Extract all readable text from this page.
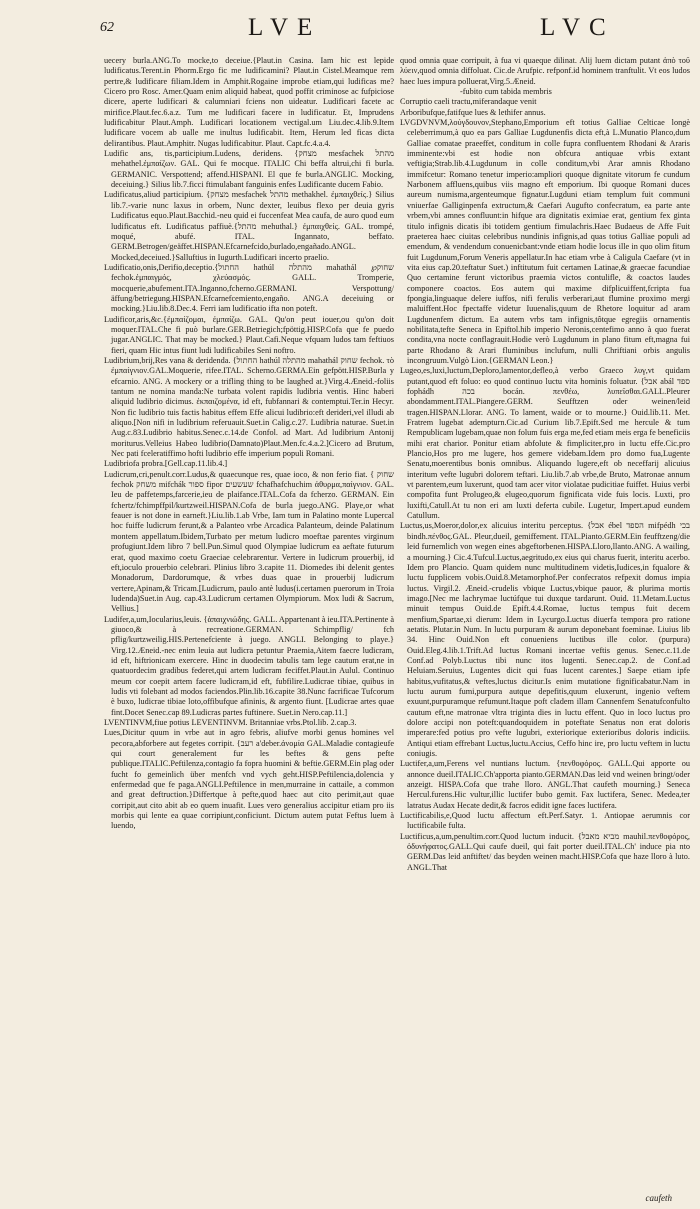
62	LVE	LVC

uecery burla.ANG.To mocke,to deceiue.{Plaut.in Casina. Iam hic est lepide ludificatus.Terent.in Phorm.Ergo fic me ludificamini? Plaut.in Cistel.Meamque rem pertre,& ludificare filiam.Idem in Amphit.Rogaine improbe etiam,qui ludificas me?Cicero pro Rosc. Amer.Quam enim aliquid habeat, quod poffit criminose ac fufpiciose dicere, aperte ludificari & calumniari fciens non uideatur. Ludificari facete ac mirifice.Plaut.fec.6.a.z. Tum me ludificari facere in ludificatur. Et, Imprudens ludificabitur Plaut.Amph. Ludificari locationem vectigal.um Liu.dec.4.lib.9.Item ludificare vocem ab ualle me inultus ludificabit. Item, Herum led ficas dicta delirantibus. Plaut.Amphitr. Nugas ludificabitur. Plaut. Capt.fc.4.a.4.

Ludific ans, tis,participium.Ludens, deridens. {מצחק mesfachek מהתל mehathel.ἐμπαίζων. GAL. Qui fe mocque. ITALIC Chi beffa altrui,chi fi burla. GERMANIC. Verspottend; affend.HISPANI. El que fe burla.ANGLIC. Mocking, deceiuing.} Silius lib.7.ficci ftimulabant fanguinis enfes Ludificante ducem Fabio.

Ludificatus,aliud participium. {מצחק mesfachek מהתל methakhel. ἐμπαιχθείς.} Silius lib.7.-varie nunc laxus in orbem, Nunc dexter, leuibus flexo per deuia gyris Ludificatus equo.Plaut.Bacchid.-neu quid ei fuccenfeat Mea caufa, de auro quod eum ludificatus eft. Ludificatus paffiuè.{מהתל mehuthal.} ἐμπαιχθείς. GAL. trompé, moqué, abufé. ITAL. Ingannato, beffato. GERM.Betrogen/geäffet.HISPAN.Efcarnefcido,burlado,engañado.ANGL. Mocked,deceiued.}Salluftius in Iugurth.Ludificari incerto praelio.

Ludificatio,onis,Derifio,deceptio.{החתול hathúl מהתלה mahathál ℘שחוק fechok.ἐμπαιγμός, χλεύασμός. GALL. Tromperie, mocquerie,abufement.ITA.Inganno,fcherno.GERMANI. Verspottung/äffung/betriegung.HISPAN.Efcarnefcemiento,engaño. ANG.A deceiuing or mocking.}Liu.lib.8.Dec.4. Ferri iam ludificatio ifta non poteft.

Ludificor,aris,&c.{ἐμπαίζομαι, ἐμπαίζω. GAL. Qu'on peut iouer,ou qu'on doit moquer.ITAL.Che fi può burlare.GER.Betriegich;fpöttig.HISP.Cofa que fe puedo jugar.ANGLIC. That may be mocked.} Plaut.Cafi.Neque vfquam ludos tam feftiuos fieri, quam Hic intus fiunt ludi ludificabiles Seni noftro.

Ludibrium,brij,Res vana & deridenda. {החתול hathúl מהתלה mahathál שחוק fechok. τὸ ἐμπαίγνιον.GAL.Moquerie, rifee.ITAL. Scherno.GERMA.Ein gefpött.HISP.Burla y efcarnio. ANG. A mockery or a trifling thing to be laughed at.}Virg.4.Æneid.-foliis tantum ne nomina manda:Ne turbata volent rapidis ludibria ventis. Hinc haberi aliquid ludibrio dicimus. ἐκπαιζομένα, id eft, fubfannari & contemptui.Ter.in Hecyr. Non fic ludibrio tuis factis habitus effem Effe alicui ludibrio:eft derideri,vel illudi ab aliquo.[Non nifi in ludibrium referuauit.Suet.in Calig.c.27. Ludibria naturae. Suet.in Aug.c.83.Ludibrio habitus.Senec.c.14.de Confol. ad Mart. Ad ludibrium Antonij moriturus.Velleius Habeo ludibrio(Damnato)Plaut.Men.fc.4.a.2.]Cicero ad Brutum, Nec pati fceleratiffimo hofti ludibrio effe imperium populi Romani.

Ludibriofa probra.[Gell.cap.11.lib.4.]

Ludicrum,cri,penult.corr.Ludus,& quaecunque res, quae ioco, & non ferio fiat. { שחוק fechok משחק mifchák ספור fipor שעשעים fchafhafchuchim ἀθυρμα,παίγνιον. GAL. Ieu de paffetemps,farcerie,ieu de plaifance.ITAL.Cofa da fcherzo. GERMAN. Ein fchertz/fchimpffpil/kurtzweil.HISPAN.Cofa de burla juego.ANG. Playe,or what feauer is not done in earneft.}Liu.lib.1.ab Vrbe, Iam tum in Palatino monte Lupercal hoc fuiffe ludicrum ferunt,& a Palanteo vrbe Arcadica Palanteum, deinde Palatinum montem appellatum.Ibidem,Turbato per metum ludicro moeftae parentes virginum profugiunt.Idem libro 7 bell.Pun.Simul quod Olympiae ludicrum ea aeftate futurum erat, quod maximo coetu Graeciae celebrarentur. Vertere in ludicrum prouerbij, id eft,ioculo prouerbio celebrari. Plinius libro 3.capite 11. Diomedes ibi delenit gentes Monadorum, Dardorumque, & vrbes duas quae in prouerbij ludicrum vertere,Apinam,& Tricam.[Ludicrum, paulo antè ludus(i.certamen puerorum in Troia ludenda)Suet.in Aug. cap.43.Ludicrum certamen Olympiorum. Mox ludi & Sacrum, Vellius.]

Ludifer,a,um,Iocularius,leuis. {ἀπαιχνιώδης. GALL. Appartenant à ieu.ITA.Pertinente à giuoco,& à recreatione.GERMAN. Schimpflig/ fch pflig/kurtzweilig.HIS.Pertenefciente à juego. ANGLI. Belonging to playe.} Virg.12.Æneid.-nec enim leuia aut ludicra petuntur Praemia,Aitem faecre ludicram, id eft, hiftrionicam exercere. Hinc in duodecim tabulis tam lege cautum erat,ne in quatuordecim gradibus federet,qui artem ludicram feciffet.Plaut.in Aulul. Continuo meum cor coepit artem facere ludicram,id eft, fubfilire.Ludicrae tibiae, quibus in ludis vti folebant ad modos faciendos.Plin.lib.16.capite 38.Nunc facrificae Tufcorum è buxo, ludicrae tibiae loto,offibufque afininis, & argento fiunt. [Ludicrae artes quae fint.Docet Senec.cap 89.Ludicras partes fuftinere. Suet.in Nero.cap.11.]

LVENTINVM,fiue potius LEVENTINVM. Britanniae vrbs.Ptol.lib. 2.cap.3.

Lues,Dicitur quum in vrbe aut in agro febris, aliufve morbi genus homines vel pecora,abforbere aut fegetes corripit. {רעב a'deber.ἀνομία GAL.Maladie contagieufe qui court generalement fur les beftes & gens pefte publique.ITALIC.Peftilenza,contagio fa fopra huomini & beftie.GERM.Ein plag oder fucht fo gemeinlich über menfch vnd vych geht.HISP.Peftilencia,dolencia y enfermedad que fe paga.ANGLI.Peftilence in men,murraine in cattaile, a common and great deftruction.}Differtque à pefte,quod haec aut cito perimit,aut quae corripit,aut cito abit ab eo quem inuafit. Lues vero generalius accipitur etiam pro iis morbis qui lente ea quae corripiunt,conficiunt. Dictum autem putat Feftus luem à luendo,

quod omnia quae corripuit, à fua vi quaeque dilinat. Alij luem dictam putant ἀπὸ τοῦ λύειν,quod omnia diffoluat. Cic.de Arufpic. refponf.id hominem tranftulit. Vt eos ludos haec lues impura polluerat,Virg.5.Æneid.

-fubito cum tabida membris

Corruptio caeli tractu,miferandaque venit

Arboribufque,fatifque lues & lethifer annus.

LVGDVNVM,λούγδουνον,Stephano,Emporium eft totius Galliae Celticae longè celeberrimum,à quo ea pars Galliae Lugdunenfis dicta eft,à L.Munatio Planco,dum Galliae comatae praeeffet, conditum in colle fupra confluentem Rhodani & Araris imminente:vbi est hodie non obfcura antiquae vrbis extant veftigia;Strab.lib.4.Lugdunum in colle conditum,vbi Arar amnis Rhodano immifcetur: Romano tenetur imperio:ampliori quoque dignitate vitorum fe cundum Narbonem affluens,quibus viis magno eft emporium. Ibi quoque Romani duces aureum numisma,argenteumque fignatur.Lugduni etiam templum fuit communi vniuerfae Galliginpenfa extructum,& Caefari Augufto confecratum, ea parte ante vrbem,vbi amnes confluunt:in hifque ara dignitatis eximiae erat, gentium fex ginta titulo infignis dicatis ibi totidem gentium fimulachris.Haec Budaeus de Affe Fuit praeterea haec ciuitas celebribus nundinis infignis,ad quas totius Galliae populi ad emendum, & vendendum conuenicbant:vnde etiam hodie locus ille in quo olim fitum fuit Lugdunum,Forum Veneris appellatur.In hac etiam vrbe à Caligula Caefare (vt in vita eius cap.20.teftatur Suet.) inftitutum fuit certamen Latinae,& graecae facundiae Quo certamine ferunt victoribus praemia victos contulifle, & coactos laudes componere coactos. Eos autem qui maxime difplicuiffent,fcripta fua fpongia,linguaque delere iuffos, nifi ferulis verberari,aut flumine proximo mergi maluiffent.Hoc fpectaffe videtur Iuuenalis,quum de Rhetore loquitur ad aram Lugdunenfem dictum. Ea autem vrbs tam infignis,tôtque egregiis ornamentis nobilitata,tefte Seneca in Epiftol.hib imperio Neronis,centefimo anno à quo fuerat condita,vna nocte conflagrauit.Hodie verò Lugdunum in plano fitum eft,magna fui parte Rhodano & Arari fluminibus inclufum, nulli Chriftiani orbis angulis incongruum.Vulgò Lion.{GERMAN Leon.}

Lugeo,es,luxi,luctum,Deploro,lamentor,defleo,à verbo Graeco λυγ,vt quidam putant,quod eft foluo: eo quod continuo luctu vita hominis foluatur. {אבל abál ספד fophádh בכה bocán. πενθέω, λυπεῖσθαι.GALL.Pleurer abondamment.ITAL.Piangere.GERM. Seufftzen oder weinen/leid tragen.HISPAN.Llorar. ANG. To lament, waide or to mourne.} Ouid.lib.11. Met. Fratrem lugebat adempturn.Cic.ad Curium lib.7.Epift.Sed me hercule & tum Rempublicam lugebam,quae non folum fuis erga me,fed etiam meis erga fe beneficiis mihi erat charior. Ponitur etiam abfolute & fimpliciter,pro in luctu effe.Cic.pro Plancio,Hos pro me lugere, hos gemere videbam.Idem pro domo fua,Lugente Senatu,moerentibus bonis omnibus. Aliquando lugere,eft ob neceffarij alicuius interitum vefte lugubri dolorem teftari. Liu.lib.7.ab vrbe,de Bruto, Matronae annum vt parentem,eum luxerunt, quod tam acer vitor violatae pudicitiae fuiffet. Huius verbi compofita funt Prolugeo,& elugeo,quorum fignificata vide fuis locis. Luxti, pro luxifti,Catull.At tu non eri am luxti deferta cubile. Lugetur, Impert.apud eundem Catullum.

Luctus,us,Moeror,dolor,ex alicuius interitu perceptus. {אבל ébel הספד mifpédh בכי bindh.πένθος.GAL. Pleur,dueil, gemiffement. ITAL.Pianto.GERM.Ein feufftzeng/die leid furnemlich von wegen eines abgeftorbenen.HISPA.Lloro,llanto.ANG. A wailing, a mourning.} Cic.4.Tufcul.Luctus,aegritudo,ex eius qui charus fuerit, interitu acerbo. Idem pro Plancio. Quam quidem nunc multitudinem videtis,Iudices,in fqualore & luctu fupplicem vobis.Ouid.8.Metamorphof.Per confecratos refpexit domus impia luctus. Virgil.2. Æneid.-crudelis vbique Luctus,vbique pauor, & plurima mortis imago.[Nec me lachrymae luctúfque tui duxque tardarunt. Ouid. 11.Metam.Luctus minuit tempus Ouid.de Epift.4.4.Romae, luctus tempus fuit decem menfium,Spartae,xi dierum: Idem in Lycurgo.Luctus diuerfa tempora pro ratione aetatis. Plutar.in Num. In luctu purpuram & aurum deponebant foeminae. Liuius lib 34. Hinc Ouid.Non eft conueniens luctibus ille color. (purpura) Ouid.Eleg.4.lib.1.Trift.Ad luctus Romani incertae veftis genus. Senec.c.11.de Conf.ad Polyb.Luctus tibi nunc itos lugenti. Senec.cap.2. de Conf.ad Heluiam.Seruius, Lugentes dicit qui fuas lucent carentes.] Saepe etiam ipfe habitus,vufitatus,& veftes,luctus dicitur.Is enim mutatione fignificabatur.Nam in luctu aurum fumi,purpura autque depefitis,quum eluxerunt, ingenio veftem exuunt,purpuramque refumunt.Itaque poft cladem illam Cannenfem Senatufconfulto cautum eft,ne matronae vltra triginta dies in luctu effent. Quo in loco luctus pro dolore accipi non poteft:quandoquidem in poteftate Senatus non erat doloris imperare:fed potius pro vefte lugubri, exteriorique exterioribus doloris indiciis. Antiqui etiam effrebant Luctus,luctu.Accius, Ceffo hinc ire, pro luctu veftem in luctu coniugis.

Luctifer,a,um,Ferens vel nuntians luctum. {πενθοφόρος. GALL.Qui apporte ou annonce dueil.ITALIC.Ch'apporta pianto.GERMAN.Das leid vnd weinen bringt/oder anzeigt. HISPA.Cofa que trahe lloro. ANGL.That caufeth mourning.} Seneca Hercul.furens.Hic vultur,illic luctifer bubo gemit. Fax luctifera, Senec. Medea,ter latratus Audax Hecate dedit,& facros edidit igne faces luctifera.

Luctificabilis,e,Quod luctu affectum eft.Perf.Satyr. 1. Antiopae aerumnis cor luctificabile fulta.

Luctificus,a,um,penultim.corr.Quod luctum inducit. {מביא מאבל mauhil.πενθοφόρος, ὀδυνήφατος.GALL.Qui caufe dueil, qui fait porter dueil.ITAL.Ch' induce pia nto GERM.Das leid anftiftet/ das beyden weinen macht.HISP.Cofa que haze lloro à luto. ANGL.That

caufeth
